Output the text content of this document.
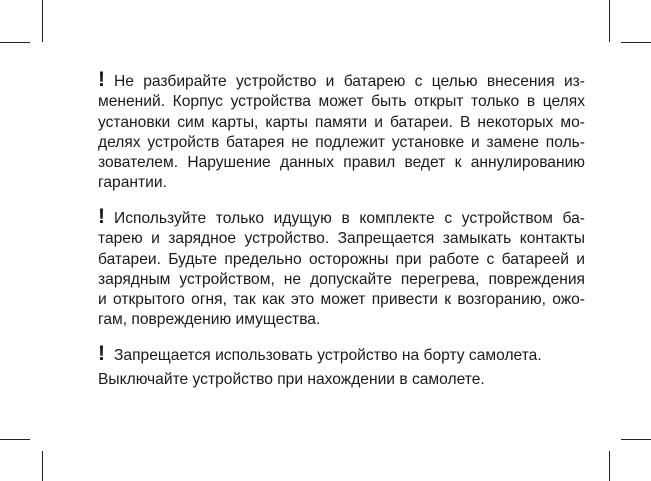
! Не разбирайте устройство и батарею с целью внесения из-
менений. Корпус устройства может быть открыт только в целях
установки сим карты, карты памяти и батареи. В некоторых мо-
делях устройств батарея не подлежит установке и замене поль-
зователем. Нарушение данных правил ведет к аннулированию
гарантии.
! Используйте только идущую в комплекте с устройством ба-
тарею и зарядное устройство. Запрещается замыкать контакты
батареи. Будьте предельно осторожны при работе с батареей и
зарядным устройством, не допускайте перегрева, повреждения
и открытого огня, так как это может привести к возгоранию, ожо-
гам, повреждению имущества.
! Запрещается использовать устройство на борту самолета.
Выключайте устройство при нахождении в самолете.
